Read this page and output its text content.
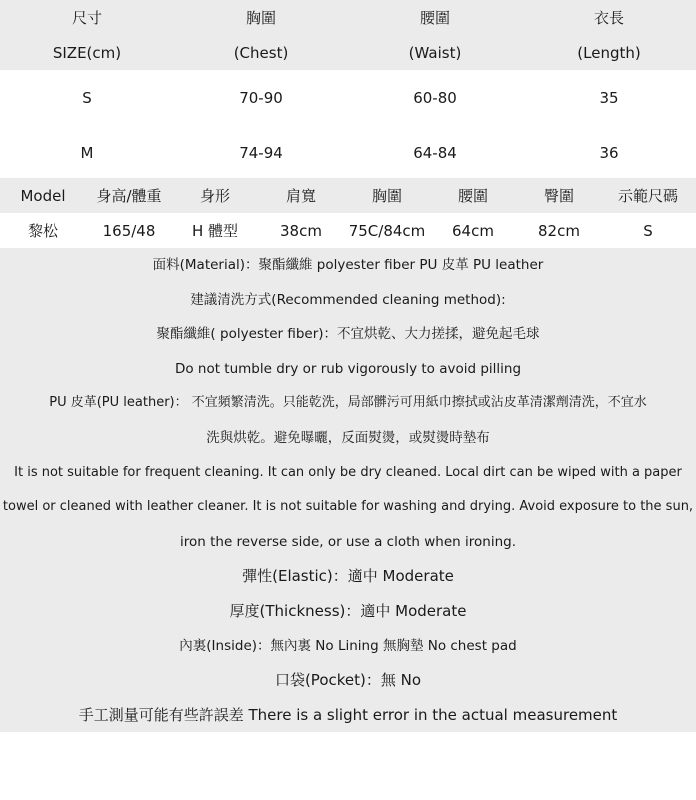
尺寸	胸圍	腰圍	衣長
SIZE(cm)	(Chest)	(Waist)	(Length)
S	70-90	60-80	35
M	74-94	64-84	36
Model	身高/體重	身形	肩寬	胸圍	腰圍	臀圍	示範尺碼
黎松	165/48	H 體型	38cm	75C/84cm	64cm	82cm	S
面料(Material)：聚酯纖維 polyester fiber PU 皮革 PU leather
建議清洗方式(Recommended cleaning method):
聚酯纖維( polyester fiber)：不宜烘乾、大力搓揉，避免起毛球
Do not tumble dry or rub vigorously to avoid pilling
PU 皮革(PU leather)： 不宜頻繁清洗。只能乾洗，局部髒污可用紙巾擦拭或沾皮革清潔劑清洗，不宜水
洗與烘乾。避免曝曬，反面熨燙，或熨燙時墊布
It is not suitable for frequent cleaning. It can only be dry cleaned. Local dirt can be wiped with a paper
towel or cleaned with leather cleaner. It is not suitable for washing and drying. Avoid exposure to the sun,
iron the reverse side, or use a cloth when ironing.
彈性(Elastic)：適中 Moderate
厚度(Thickness)：適中 Moderate
內裏(Inside)：無內裏 No Lining 無胸墊 No chest pad
口袋(Pocket)：無 No
手工測量可能有些許誤差 There is a slight error in the actual measurement
